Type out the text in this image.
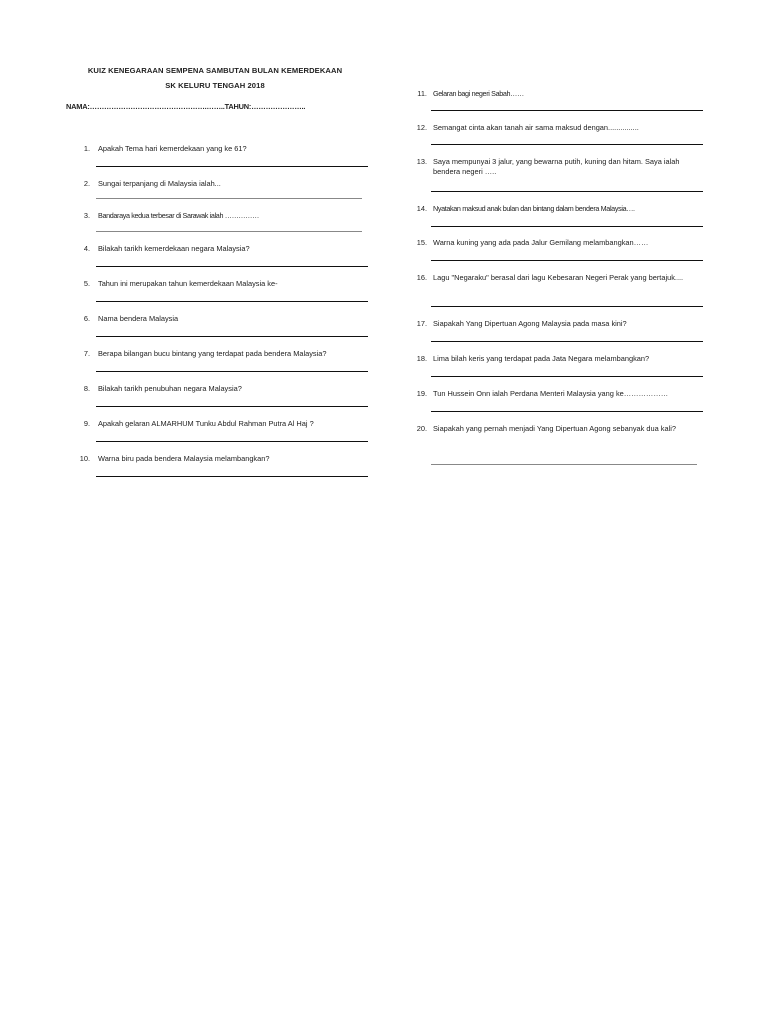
KUIZ KENEGARAAN SEMPENA SAMBUTAN BULAN KEMERDEKAAN
SK KELURU TENGAH 2018
NAMA:………………………………………….……..TAHUN:…………………..
1. Apakah Tema hari kemerdekaan yang ke 61?
2. Sungai terpanjang di Malaysia ialah...
3. Bandaraya kedua terbesar di Sarawak ialah ……………
4. Bilakah tarikh kemerdekaan negara Malaysia?
5. Tahun ini merupakan tahun kemerdekaan Malaysia ke-
6. Nama bendera Malaysia
7. Berapa bilangan bucu bintang yang terdapat pada bendera Malaysia?
8. Bilakah tarikh penubuhan negara Malaysia?
9. Apakah gelaran ALMARHUM Tunku Abdul Rahman Putra Al Haj ?
10. Warna biru pada bendera Malaysia melambangkan?
11. Gelaran bagi negeri Sabah……
12. Semangat cinta akan tanah air sama maksud dengan...............
13. Saya mempunyai 3 jalur, yang bewarna putih, kuning dan hitam. Saya ialah bendera negeri …..
14. Nyatakan maksud anak bulan dan bintang dalam bendera Malaysia….
15. Warna kuning yang ada pada Jalur Gemilang melambangkan……
16. Lagu "Negaraku" berasal dari lagu Kebesaran Negeri Perak yang bertajuk....
17. Siapakah Yang Dipertuan Agong Malaysia pada masa kini?
18. Lima bilah keris yang terdapat pada Jata Negara melambangkan?
19. Tun Hussein Onn ialah Perdana Menteri Malaysia yang ke………………
20. Siapakah yang pernah menjadi Yang Dipertuan Agong sebanyak dua kali?
